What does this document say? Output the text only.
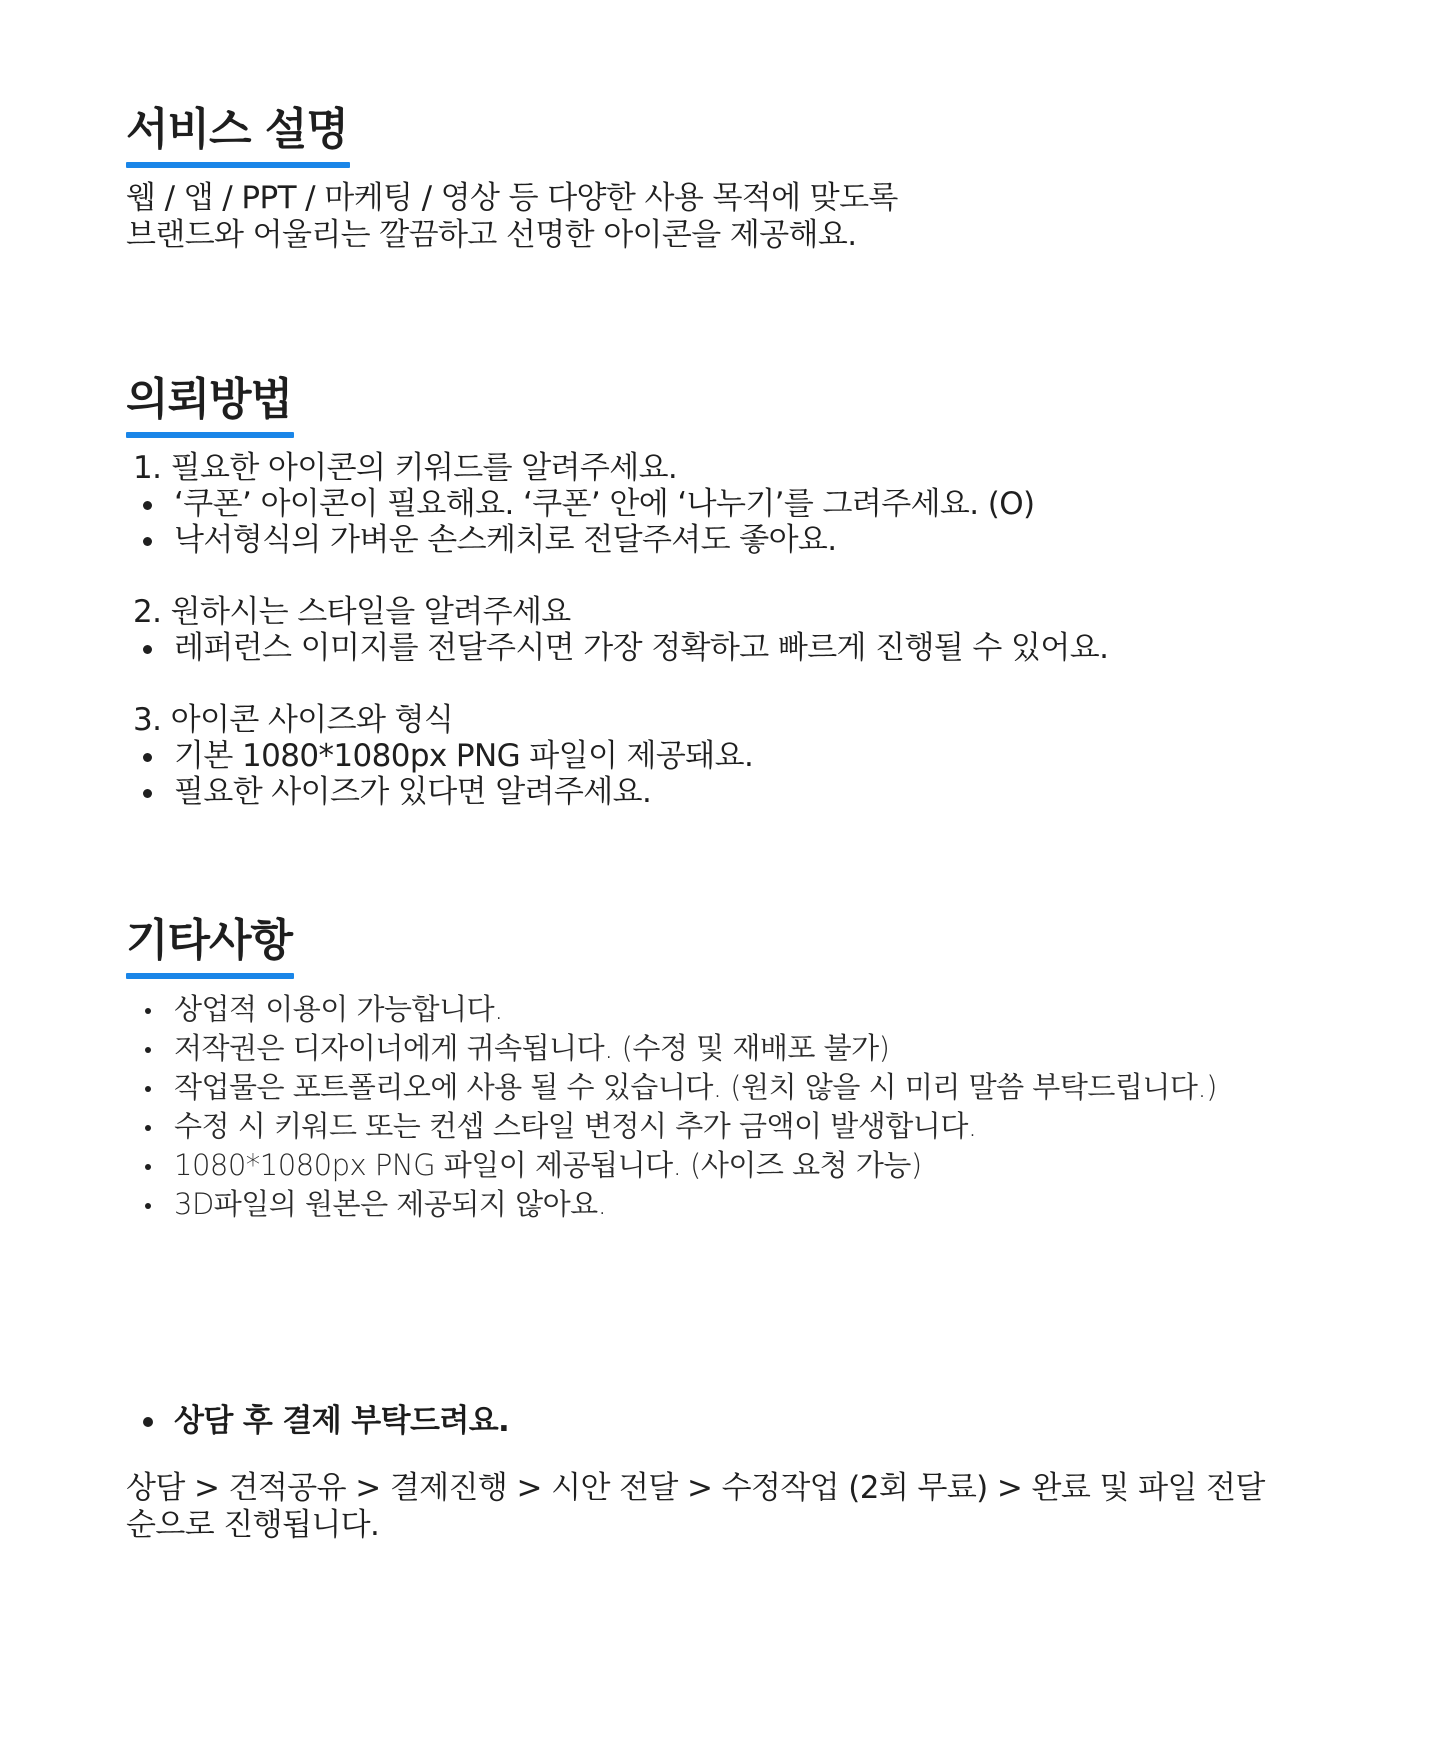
서비스 설명
웹 / 앱 / PPT / 마케팅 / 영상 등 다양한 사용 목적에 맞도록
브랜드와 어울리는 깔끔하고 선명한 아이콘을 제공해요.
의뢰방법
1. 필요한 아이콘의 키워드를 알려주세요.
‘쿠폰’ 아이콘이 필요해요. ‘쿠폰’ 안에 ‘나누기’를 그려주세요. (O)
낙서형식의 가벼운 손스케치로 전달주셔도 좋아요.
2. 원하시는 스타일을 알려주세요
레퍼런스 이미지를 전달주시면 가장 정확하고 빠르게 진행될 수 있어요.
3. 아이콘 사이즈와 형식
기본 1080*1080px PNG 파일이 제공돼요.
필요한 사이즈가 있다면 알려주세요.
기타사항
상업적 이용이 가능합니다.
저작권은 디자이너에게 귀속됩니다. (수정 및 재배포 불가)
작업물은 포트폴리오에 사용 될 수 있습니다. (원치 않을 시 미리 말씀 부탁드립니다.)
수정 시 키워드 또는 컨셉 스타일 변정시 추가 금액이 발생합니다.
1080*1080px PNG 파일이 제공됩니다. (사이즈 요청 가능)
3D파일의 원본은 제공되지 않아요.
상담 후 결제 부탁드려요.
상담 > 견적공유 > 결제진행 > 시안 전달 > 수정작업 (2회 무료) > 완료 및 파일 전달
순으로 진행됩니다.
